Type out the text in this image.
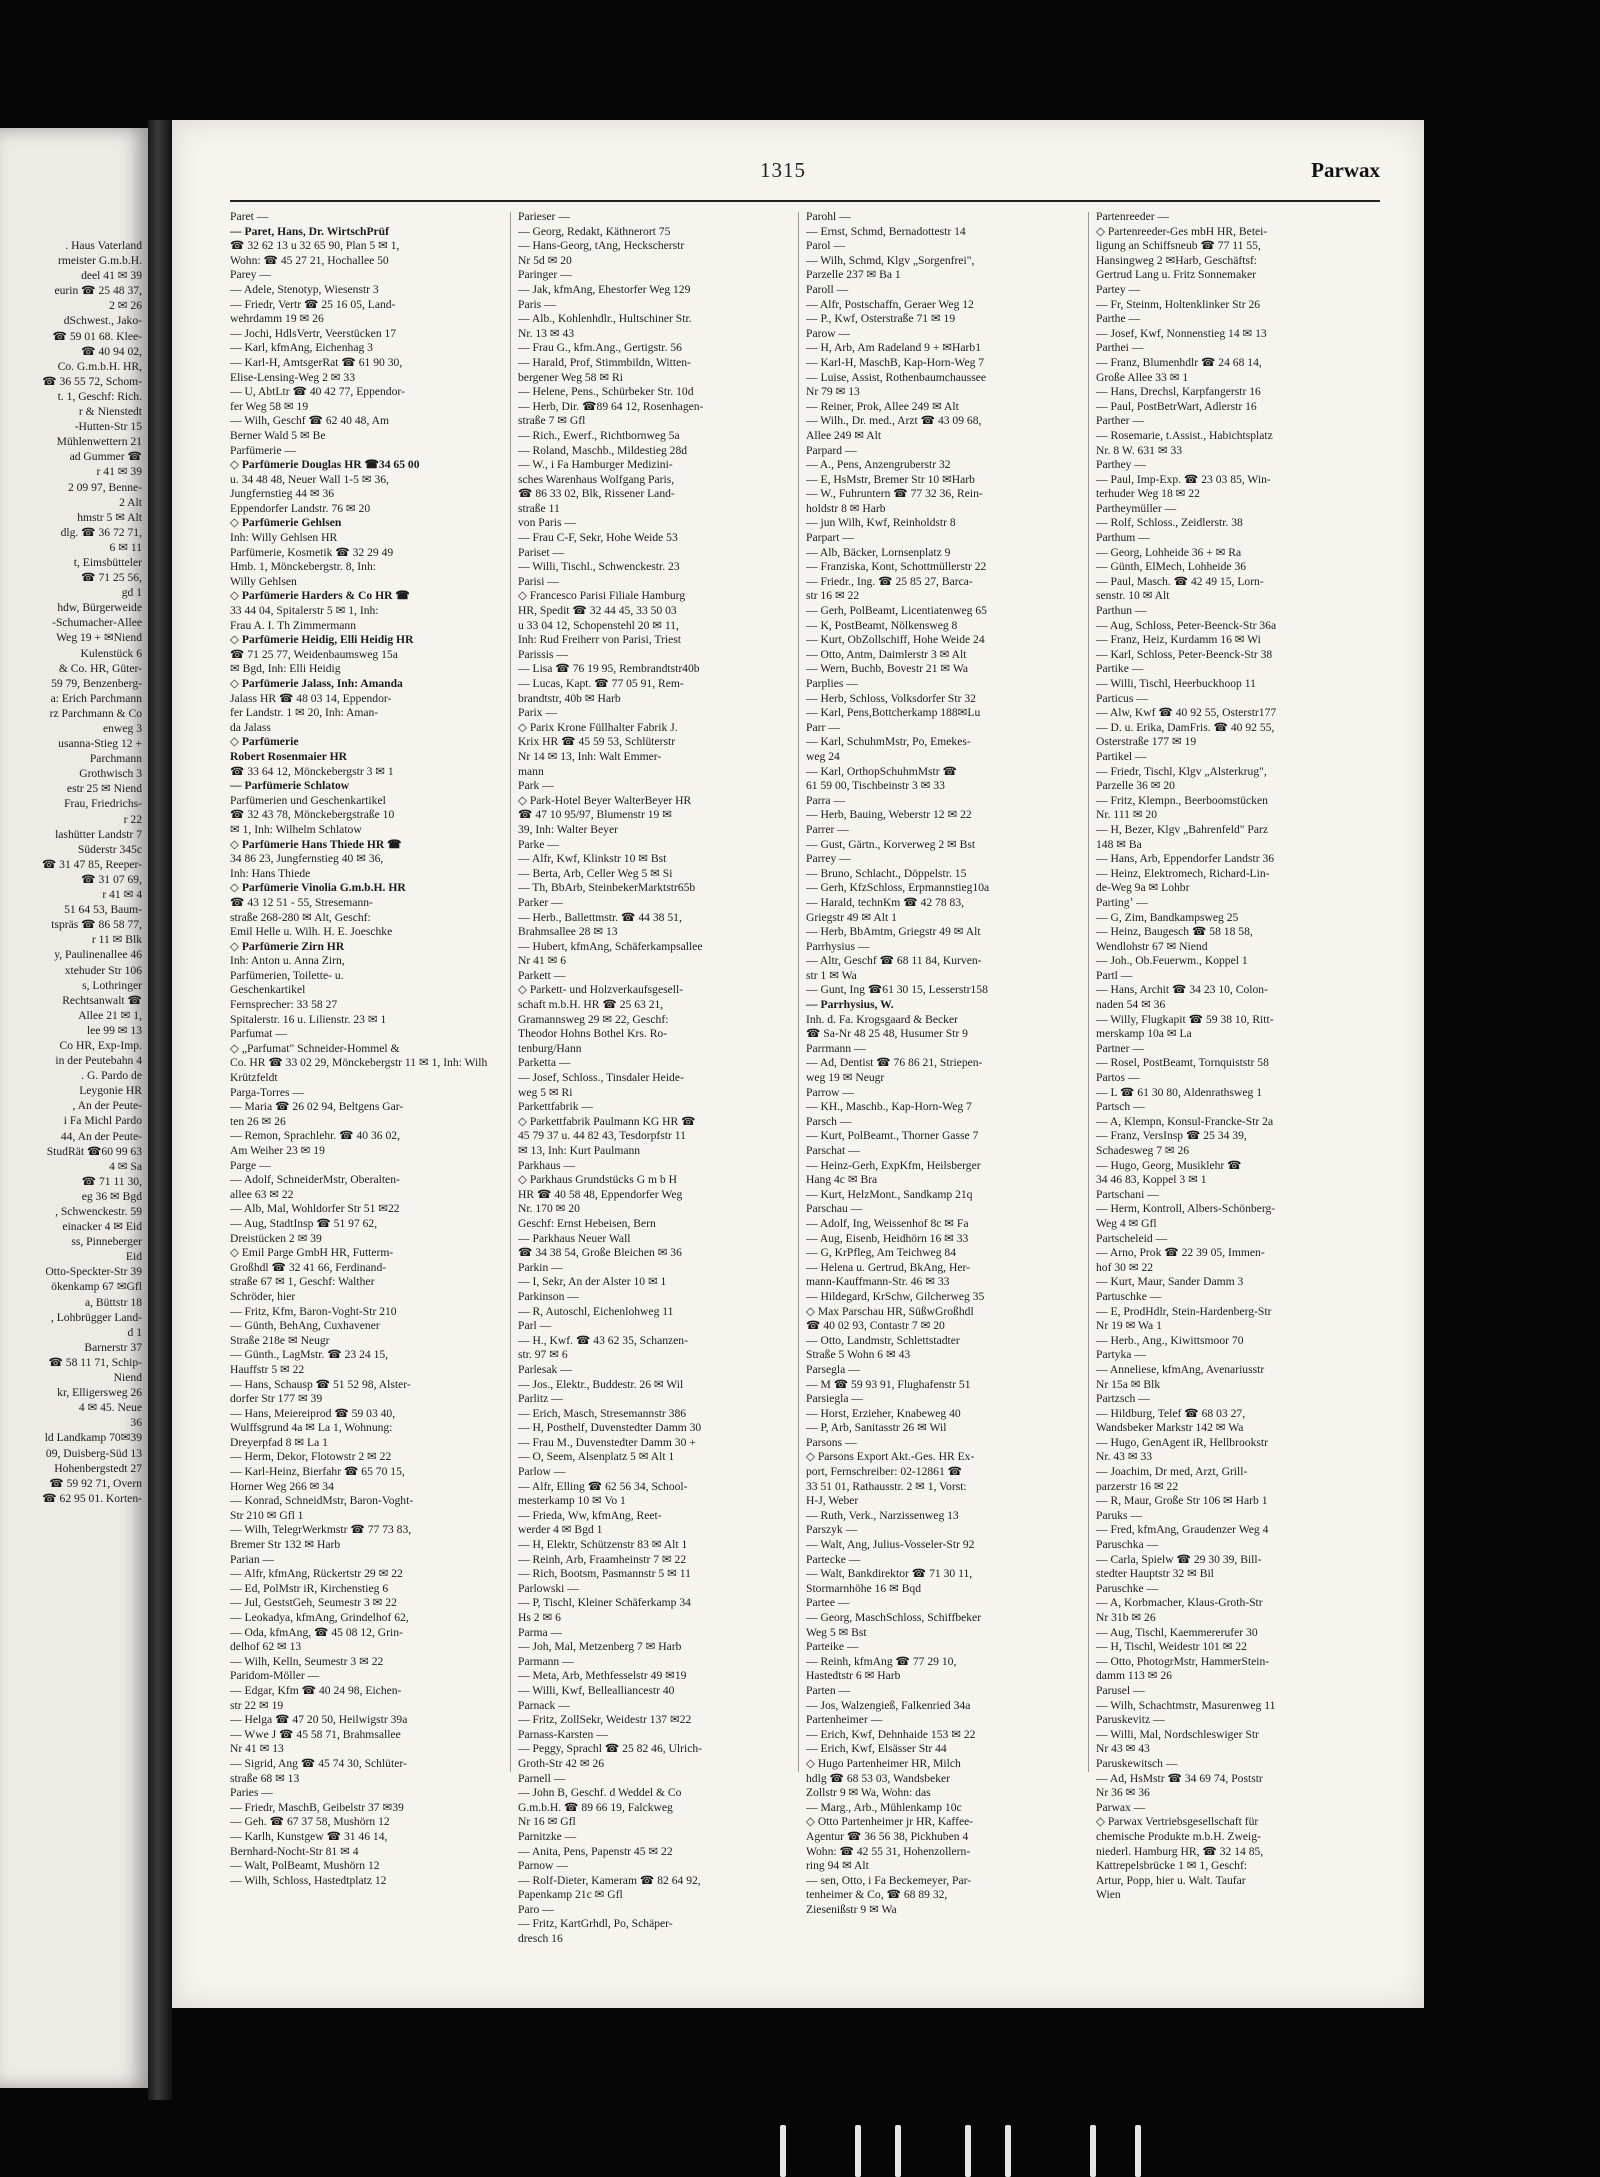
. Haus Vaterland
rmeister G.m.b.H.
deel 41 ✉ 39
eurin ☎ 25 48 37,
2 ✉ 26
dSchwest., Jako-
☎ 59 01 68. Klee-
☎ 40 94 02,
Co. G.m.b.H. HR,
☎ 36 55 72, Schom-
t. 1, Geschf: Rich.
r & Nienstedt
-Hutten-Str 15
Mühlenwettern 21
ad Gummer ☎
r 41 ✉ 39
2 09 97, Benne-
2 Alt
hmstr 5 ✉ Alt
dlg. ☎ 36 72 71,
6 ✉ 11
t, Eimsbütteler
☎ 71 25 56,
gd 1
hdw, Bürgerweide
-Schumacher-Allee
Weg 19 + ✉Niend
Kulenstück 6
& Co. HR, Güter-
59 79, Benzenberg-
a: Erich Parchmann
rz Parchmann & Co
enweg 3
usanna-Stieg 12 +
Parchmann
Grothwisch 3
estr 25 ✉ Niend
Frau, Friedrichs-
r 22
lashütter Landstr 7
Süderstr 345c
☎ 31 47 85, Reeper-
☎ 31 07 69,
r 41 ✉ 4
51 64 53, Baum-
tspräs ☎ 86 58 77,
r 11 ✉ Blk
y, Paulinenallee 46
xtehuder Str 106
s, Lothringer
Rechtsanwalt ☎
Allee 21 ✉ 1,
lee 99 ✉ 13
Co HR, Exp-Imp.
in der Peutebahn 4
. G. Pardo de
Leygonie HR
, An der Peute-
i Fa Michl Pardo
44, An der Peute-
StudRät ☎60 99 63
4 ✉ Sa
☎ 71 11 30,
eg 36 ✉ Bgd
, Schwenckestr. 59
einacker 4 ✉ Eid
ss, Pinneberger
Eid
Otto-Speckter-Str 39
ökenkamp 67 ✉Gfl
a, Büttstr 18
, Lohbrügger Land-
d 1
Barnerstr 37
☎ 58 11 71, Schip-
Niend
kr, Elligersweg 26
4 ✉ 45. Neue
36
ld Landkamp 70✉39
09, Duisberg-Süd 13
Hohenbergstedt 27
☎ 59 92 71, Overn
☎ 62 95 01. Korten-
1315	Parwax
Paret —
— Paret, Hans, Dr. WirtschPrüf
☎ 32 62 13 u 32 65 90, Plan 5 ✉ 1,
Wohn: ☎ 45 27 21, Hochallee 50
Parey —
— Adele, Stenotyp, Wiesenstr 3
— Friedr, Vertr ☎ 25 16 05, Land-
wehrdamm 19 ✉ 26
— Jochi, HdlsVertr, Veerstücken 17
— Karl, kfmAng, Eichenhag 3
— Karl-H, AmtsgerRat ☎ 61 90 30,
Elise-Lensing-Weg 2 ✉ 33
— U, AbtLtr ☎ 40 42 77, Eppendor-
fer Weg 58 ✉ 19
— Wilh, Geschf ☎ 62 40 48, Am
Berner Wald 5 ✉ Be
Parfümerie —
◇ Parfümerie Douglas HR ☎34 65 00
u. 34 48 48, Neuer Wall 1-5 ✉ 36,
Jungfernstieg 44 ✉ 36
Eppendorfer Landstr. 76 ✉ 20
◇ Parfümerie Gehlsen
Inh: Willy Gehlsen HR
Parfümerie, Kosmetik ☎ 32 29 49
Hmb. 1, Mönckebergstr. 8, Inh:
Willy Gehlsen
◇ Parfümerie Harders & Co HR ☎
33 44 04, Spitalerstr 5 ✉ 1, Inh:
Frau A. I. Th Zimmermann
◇ Parfümerie Heidig, Elli Heidig HR
☎ 71 25 77, Weidenbaumsweg 15a
✉ Bgd, Inh: Elli Heidig
◇ Parfümerie Jalass, Inh: Amanda
Jalass HR ☎ 48 03 14, Eppendor-
fer Landstr. 1 ✉ 20, Inh: Aman-
da Jalass
◇ Parfümerie
Robert Rosenmaier HR
☎ 33 64 12, Mönckebergstr 3 ✉ 1
— Parfümerie Schlatow
Parfümerien und Geschenkartikel
☎ 32 43 78, Mönckebergstraße 10
✉ 1, Inh: Wilhelm Schlatow
◇ Parfümerie Hans Thiede HR ☎
34 86 23, Jungfernstieg 40 ✉ 36,
Inh: Hans Thiede
◇ Parfümerie Vinolia G.m.b.H. HR
☎ 43 12 51 - 55, Stresemann-
straße 268-280 ✉ Alt, Geschf:
Emil Helle u. Wilh. H. E. Joeschke
◇ Parfümerie Zirn HR
Inh: Anton u. Anna Zirn,
Parfümerien, Toilette- u.
Geschenkartikel
Fernsprecher: 33 58 27
Spitalerstr. 16 u. Lilienstr. 23 ✉ 1
Parfumat —
◇ „Parfumat" Schneider-Hommel &
Co. HR ☎ 33 02 29, Mönckebergstr 11 ✉ 1, Inh: Wilh
Krützfeldt
Parga-Torres —
— Maria ☎ 26 02 94, Beltgens Gar-
ten 26 ✉ 26
— Remon, Sprachlehr. ☎ 40 36 02,
Am Weiher 23 ✉ 19
Parge —
— Adolf, SchneiderMstr, Oberalten-
allee 63 ✉ 22
— Alb, Mal, Wohldorfer Str 51 ✉22
— Aug, StadtInsp ☎ 51 97 62,
Dreistücken 2 ✉ 39
◇ Emil Parge GmbH HR, Futterm-
Großhdl ☎ 32 41 66, Ferdinand-
straße 67 ✉ 1, Geschf: Walther
Schröder, hier
— Fritz, Kfm, Baron-Voght-Str 210
— Günth, BehAng, Cuxhavener
Straße 218e ✉ Neugr
— Günth., LagMstr. ☎ 23 24 15,
Hauffstr 5 ✉ 22
— Hans, Schausp ☎ 51 52 98, Alster-
dorfer Str 177 ✉ 39
— Hans, Meiereiprod ☎ 59 03 40,
Wulffsgrund 4a ✉ La 1, Wohnung:
Dreyerpfad 8 ✉ La 1
— Herm, Dekor, Flotowstr 2 ✉ 22
— Karl-Heinz, Bierfahr ☎ 65 70 15,
Horner Weg 266 ✉ 34
— Konrad, SchneidMstr, Baron-Voght-
Str 210 ✉ Gfl 1
— Wilh, TelegrWerkmstr ☎ 77 73 83,
Bremer Str 132 ✉ Harb
Parian —
— Alfr, kfmAng, Rückertstr 29 ✉ 22
— Ed, PolMstr iR, Kirchenstieg 6
— Jul, GeststGeh, Seumestr 3 ✉ 22
— Leokadya, kfmAng, Grindelhof 62,
— Oda, kfmAng, ☎ 45 08 12, Grin-
delhof 62 ✉ 13
— Wilh, Kelln, Seumestr 3 ✉ 22
Paridom-Möller —
— Edgar, Kfm ☎ 40 24 98, Eichen-
str 22 ✉ 19
— Helga ☎ 47 20 50, Heilwigstr 39a
— Wwe J ☎ 45 58 71, Brahmsallee
Nr 41 ✉ 13
— Sigrid, Ang ☎ 45 74 30, Schlüter-
straße 68 ✉ 13
Paries —
— Friedr, MaschB, Geibelstr 37 ✉39
— Geh. ☎ 67 37 58, Mushörn 12
— Karlh, Kunstgew ☎ 31 46 14,
Bernhard-Nocht-Str 81 ✉ 4
— Walt, PolBeamt, Mushörn 12
— Wilh, Schloss, Hastedtplatz 12
Parieser —
— Georg, Redakt, Käthnerort 75
— Hans-Georg, tAng, Heckscherstr
Nr 5d ✉ 20
Paringer —
— Jak, kfmAng, Ehestorfer Weg 129
Paris —
— Alb., Kohlenhdlr., Hultschiner Str.
Nr. 13 ✉ 43
— Frau G., kfm.Ang., Gertigstr. 56
— Harald, Prof, Stimmbildn, Witten-
bergener Weg 58 ✉ Ri
— Helene, Pens., Schürbeker Str. 10d
— Herb, Dir. ☎89 64 12, Rosenhagen-
straße 7 ✉ Gfl
— Rich., Ewerf., Richtbornweg 5a
— Roland, Maschb., Mildestieg 28d
— W., i Fa Hamburger Medizini-
sches Warenhaus Wolfgang Paris,
☎ 86 33 02, Blk, Rissener Land-
straße 11
von Paris —
— Frau C-F, Sekr, Hohe Weide 53
Pariset —
— Willi, Tischl., Schwenckestr. 23
Parisi —
◇ Francesco Parisi Filiale Hamburg
HR, Spedit ☎ 32 44 45, 33 50 03
u 33 04 12, Schopenstehl 20 ✉ 11,
Inh: Rud Freiherr von Parisi, Triest
Parissis —
— Lisa ☎ 76 19 95, Rembrandtstr40b
— Lucas, Kapt. ☎ 77 05 91, Rem-
brandtstr, 40b ✉ Harb
Parix —
◇ Parix Krone Füllhalter Fabrik J.
Krix HR ☎ 45 59 53, Schlüterstr
Nr 14 ✉ 13, Inh: Walt Emmer-
mann
Park —
◇ Park-Hotel Beyer WalterBeyer HR
☎ 47 10 95/97, Blumenstr 19 ✉
39, Inh: Walter Beyer
Parke —
— Alfr, Kwf, Klinkstr 10 ✉ Bst
— Berta, Arb, Celler Weg 5 ✉ Si
— Th, BbArb, SteinbekerMarktstr65b
Parker —
— Herb., Ballettmstr. ☎ 44 38 51,
Brahmsallee 28 ✉ 13
— Hubert, kfmAng, Schäferkampsallee
Nr 41 ✉ 6
Parkett —
◇ Parkett- und Holzverkaufsgesell-
schaft m.b.H. HR ☎ 25 63 21,
Gramannsweg 29 ✉ 22, Geschf:
Theodor Hohns Bothel Krs. Ro-
tenburg/Hann
Parketta —
— Josef, Schloss., Tinsdaler Heide-
weg 5 ✉ Ri
Parkettfabrik —
◇ Parkettfabrik Paulmann KG HR ☎
45 79 37 u. 44 82 43, Tesdorpfstr 11
✉ 13, Inh: Kurt Paulmann
Parkhaus —
◇ Parkhaus Grundstücks G m b H
HR ☎ 40 58 48, Eppendorfer Weg
Nr. 170 ✉ 20
Geschf: Ernst Hebeisen, Bern
— Parkhaus Neuer Wall
☎ 34 38 54, Große Bleichen ✉ 36
Parkin —
— I, Sekr, An der Alster 10 ✉ 1
Parkinson —
— R, Autoschl, Eichenlohweg 11
Parl —
— H., Kwf. ☎ 43 62 35, Schanzen-
str. 97 ✉ 6
Parlesak —
— Jos., Elektr., Buddestr. 26 ✉ Wil
Parlitz —
— Erich, Masch, Stresemannstr 386
— H, Posthelf, Duvenstedter Damm 30
— Frau M., Duvenstedter Damm 30 +
— O, Seem, Alsenplatz 5 ✉ Alt 1
Parlow —
— Alfr, Elling ☎ 62 56 34, School-
mesterkamp 10 ✉ Vo 1
— Frieda, Ww, kfmAng, Reet-
werder 4 ✉ Bgd 1
— H, Elektr, Schützenstr 83 ✉ Alt 1
— Reinh, Arb, Fraamheinstr 7 ✉ 22
— Rich, Bootsm, Pasmannstr 5 ✉ 11
Parlowski —
— P, Tischl, Kleiner Schäferkamp 34
Hs 2 ✉ 6
Parma —
— Joh, Mal, Metzenberg 7 ✉ Harb
Parmann —
— Meta, Arb, Methfesselstr 49 ✉19
— Willi, Kwf, Belleallianсestr 40
Parnack —
— Fritz, ZollSekr, Weidestr 137 ✉22
Parnass-Karsten —
— Peggy, Sprachl ☎ 25 82 46, Ulrich-
Groth-Str 42 ✉ 26
Parnell —
— John B, Geschf. d Weddel & Co
G.m.b.H. ☎ 89 66 19, Falckweg
Nr 16 ✉ Gfl
Parnitzke —
— Anita, Pens, Papenstr 45 ✉ 22
Parnow —
— Rolf-Dieter, Kameram ☎ 82 64 92,
Papenkamp 21c ✉ Gfl
Paro —
— Fritz, KartGrhdl, Po, Schäper-
dresch 16
Parohl —
— Ernst, Schmd, Bernadottestr 14
Parol —
— Wilh, Schmd, Klgv „Sorgenfrei",
Parzelle 237 ✉ Ba 1
Paroll —
— Alfr, Postschaffn, Geraer Weg 12
— P., Kwf, Osterstraße 71 ✉ 19
Parow —
— H, Arb, Am Radeland 9 + ✉Harb1
— Karl-H, MaschB, Kap-Horn-Weg 7
— Luise, Assist, Rothenbaumchaussee
Nr 79 ✉ 13
— Reiner, Prok, Allee 249 ✉ Alt
— Wilh., Dr. med., Arzt ☎ 43 09 68,
Allee 249 ✉ Alt
Parpard —
— A., Pens, Anzengruberstr 32
— E, HsMstr, Bremer Str 10 ✉Harb
— W., Fuhruntern ☎ 77 32 36, Rein-
holdstr 8 ✉ Harb
— jun Wilh, Kwf, Reinholdstr 8
Parpart —
— Alb, Bäcker, Lornsenplatz 9
— Franziska, Kont, Schottmüllerstr 22
— Friedr., Ing. ☎ 25 85 27, Barca-
str 16 ✉ 22
— Gerh, PolBeamt, Licentiatenweg 65
— K, PostBeamt, Nölkensweg 8
— Kurt, ObZollschiff, Hohe Weide 24
— Otto, Antm, Daimlerstr 3 ✉ Alt
— Wern, Buchb, Bovestr 21 ✉ Wa
Parplies —
— Herb, Schloss, Volksdorfer Str 32
— Karl, Pens,Bottcherkamp 188✉Lu
Parr —
— Karl, SchuhmMstr, Po, Emekes-
weg 24
— Karl, OrthopSchuhmMstr ☎
61 59 00, Tischbeinstr 3 ✉ 33
Parra —
— Herb, Bauing, Weberstr 12 ✉ 22
Parrer —
— Gust, Gärtn., Korverweg 2 ✉ Bst
Parrey —
— Bruno, Schlacht., Döppelstr. 15
— Gerh, KfzSchloss, Erpmannstieg10a
— Harald, technKm ☎ 42 78 83,
Griegstr 49 ✉ Alt 1
— Herb, BbAmtm, Griegstr 49 ✉ Alt
Parrhysius —
— Altr, Geschf ☎ 68 11 84, Kurven-
str 1 ✉ Wa
— Gunt, Ing ☎61 30 15, Lesserstr158
— Parrhysius, W.
Inh. d. Fa. Krogsgaard & Becker
☎ Sa-Nr 48 25 48, Husumer Str 9
Parrmann —
— Ad, Dentist ☎ 76 86 21, Striepen-
weg 19 ✉ Neugr
Parrow —
— KH., Maschb., Kap-Horn-Weg 7
Parsch —
— Kurt, PolBeamt., Thorner Gasse 7
Parschat —
— Heinz-Gerh, ExpKfm, Heilsberger
Hang 4c ✉ Bra
— Kurt, HelzMont., Sandkamp 21q
Parschau —
— Adolf, Ing, Weissenhof 8c ✉ Fa
— Aug, Eisenb, Heidhörn 16 ✉ 33
— G, KrPfleg, Am Teichweg 84
— Helena u. Gertrud, BkAng, Her-
mann-Kauffmann-Str. 46 ✉ 33
— Hildegard, KrSchw, Gilcherweg 35
◇ Max Parschau HR, SüßwGroßhdl
☎ 40 02 93, Contastr 7 ✉ 20
— Otto, Landmstr, Schlettstadter
Straße 5 Wohn 6 ✉ 43
Parsegla —
— M ☎ 59 93 91, Flughafenstr 51
Parsiegla —
— Horst, Erzieher, Knabeweg 40
— P, Arb, Sanitasstr 26 ✉ Wil
Parsons —
◇ Parsons Export Akt.-Ges. HR Ex-
port, Fernschreiber: 02-12861 ☎
33 51 01, Rathausstr. 2 ✉ 1, Vorst:
H-J, Weber
— Ruth, Verk., Narzissenweg 13
Parszyk —
— Walt, Ang, Julius-Vosseler-Str 92
Partecke —
— Walt, Bankdirektor ☎ 71 30 11,
Stormarnhöhe 16 ✉ Bqd
Partee —
— Georg, MaschSchloss, Schiffbeker
Weg 5 ✉ Bst
Parteike —
— Reinh, kfmAng ☎ 77 29 10,
Hastedtstr 6 ✉ Harb
Parten —
— Jos, Walzengieß, Falkenried 34a
Partenheimer —
— Erich, Kwf, Dehnhaide 153 ✉ 22
— Erich, Kwf, Elsässer Str 44
◇ Hugo Partenheimer HR, Milch
hdlg ☎ 68 53 03, Wandsbeker
Zollstr 9 ✉ Wa, Wohn: das
— Marg., Arb., Mühlenkamp 10c
◇ Otto Partenheimer jr HR, Kaffee-
Agentur ☎ 36 56 38, Pickhuben 4
Wohn: ☎ 42 55 31, Hohenzollern-
ring 94 ✉ Alt
— sen, Otto, i Fa Beckemeyer, Par-
tenheimer & Co, ☎ 68 89 32,
Ziesenißstr 9 ✉ Wa
Partenreeder —
◇ Partenreeder-Ges mbH HR, Betei-
ligung an Schiffsneub ☎ 77 11 55,
Hansingweg 2 ✉Harb, Geschäftsf:
Gertrud Lang u. Fritz Sonnemaker
Partey —
— Fr, Steinm, Holtenklinker Str 26
Parthe —
— Josef, Kwf, Nonnenstieg 14 ✉ 13
Parthei —
— Franz, Blumenhdlr ☎ 24 68 14,
Große Allee 33 ✉ 1
— Hans, Drechsl, Karpfangerstr 16
— Paul, PostBetrWart, Adlerstr 16
Parther —
— Rosemarie, t.Assist., Habichtsplatz
Nr. 8 W. 631 ✉ 33
Parthey —
— Paul, Imp-Exp. ☎ 23 03 85, Win-
terhuder Weg 18 ✉ 22
Partheymüller —
— Rolf, Schloss., Zeidlerstr. 38
Parthum —
— Georg, Lohheide 36 + ✉ Ra
— Günth, ElMech, Lohheide 36
— Paul, Masch. ☎ 42 49 15, Lorn-
senstr. 10 ✉ Alt
Parthun —
— Aug, Schloss, Peter-Beenck-Str 36a
— Franz, Heiz, Kurdamm 16 ✉ Wi
— Karl, Schloss, Peter-Beenck-Str 38
Partike —
— Willi, Tischl, Heerbuckhoop 11
Particus —
— Alw, Kwf ☎ 40 92 55, Osterstr177
— D. u. Erika, DamFris. ☎ 40 92 55,
Osterstraße 177 ✉ 19
Partikel —
— Friedr, Tischl, Klgv „Alsterkrug",
Parzelle 36 ✉ 20
— Fritz, Klempn., Beerboomstücken
Nr. 111 ✉ 20
— H, Bezer, Klgv „Bahrenfeld" Parz
148 ✉ Ba
— Hans, Arb, Eppendorfer Landstr 36
— Heinz, Elektromech, Richard-Lin-
de-Weg 9a ✉ Lohbr
Partingʼ —
— G, Zim, Bandkampsweg 25
— Heinz, Baugesch ☎ 58 18 58,
Wendlohstr 67 ✉ Niend
— Joh., Ob.Feuerwm., Koppel 1
Partl —
— Hans, Archit ☎ 34 23 10, Colon-
naden 54 ✉ 36
— Willy, Flugkapit ☎ 59 38 10, Ritt-
merskamp 10a ✉ La
Partner —
— Rosel, PostBeamt, Tornquiststr 58
Partos —
— L ☎ 61 30 80, Aldenrathsweg 1
Partsch —
— A, Klempn, Konsul-Francke-Str 2a
— Franz, VersInsp ☎ 25 34 39,
Schadesweg 7 ✉ 26
— Hugo, Georg, Musiklehr ☎
34 46 83, Koppel 3 ✉ 1
Partschani —
— Herm, Kontroll, Albers-Schönberg-
Weg 4 ✉ Gfl
Partscheleid —
— Arno, Prok ☎ 22 39 05, Immen-
hof 30 ✉ 22
— Kurt, Maur, Sander Damm 3
Partuschke —
— E, ProdHdlr, Stein-Hardenberg-Str
Nr 19 ✉ Wa 1
— Herb., Ang., Kiwittsmoor 70
Partyka —
— Anneliese, kfmAng, Avenariusstr
Nr 15a ✉ Blk
Partzsch —
— Hildburg, Telef ☎ 68 03 27,
Wandsbeker Markstr 142 ✉ Wa
— Hugo, GenAgent iR, Hellbrookstr
Nr. 43 ✉ 33
— Joachim, Dr med, Arzt, Grill-
parzerstr 16 ✉ 22
— R, Maur, Große Str 106 ✉ Harb 1
Paruks —
— Fred, kfmAng, Graudenzer Weg 4
Paruschka —
— Carla, Spielw ☎ 29 30 39, Bill-
stedter Hauptstr 32 ✉ Bil
Paruschke —
— A, Korbmacher, Klaus-Groth-Str
Nr 31b ✉ 26
— Aug, Tischl, Kaemmererufer 30
— H, Tischl, Weidestr 101 ✉ 22
— Otto, PhotogrMstr, HammerStein-
damm 113 ✉ 26
Parusel —
— Wilh, Schachtmstr, Masurenweg 11
Paruskevitz —
— Willi, Mal, Nordschleswiger Str
Nr 43 ✉ 43
Paruskewitsch —
— Ad, HsMstr ☎ 34 69 74, Poststr
Nr 36 ✉ 36
Parwax —
◇ Parwax Vertriebsgesellschaft für
chemische Produkte m.b.H. Zweig-
niederl. Hamburg HR, ☎ 32 14 85,
Kattrepelsbrücke 1 ✉ 1, Geschf:
Artur, Popp, hier u. Walt. Taufar
Wien
